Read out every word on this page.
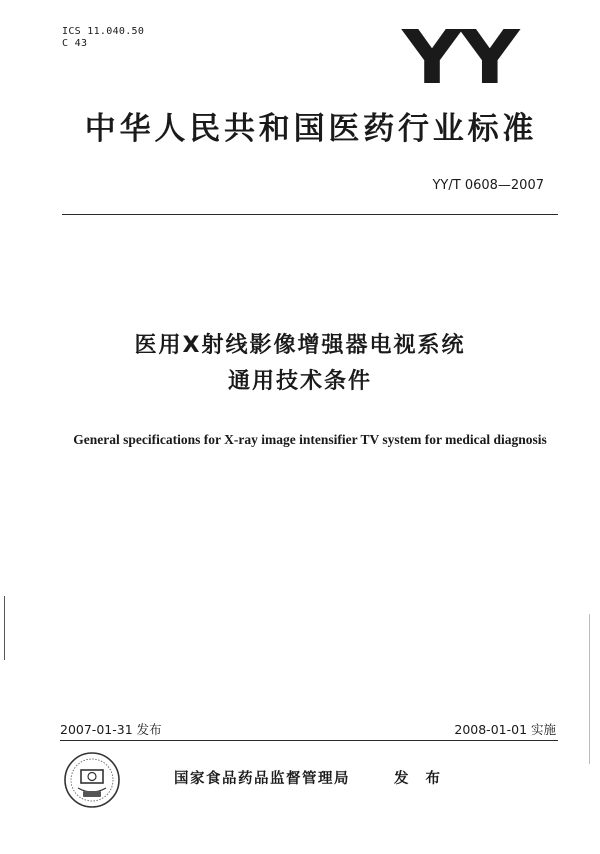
ICS 11.040.50
C 43	YY
中华人民共和国医药行业标准
YY/T 0608—2007
医用X射线影像增强器电视系统
通用技术条件
General specifications for X-ray image intensifier TV system for medical diagnosis
2007-01-31 发布	2008-01-01 实施
国家食品药品监督管理局	发 布
